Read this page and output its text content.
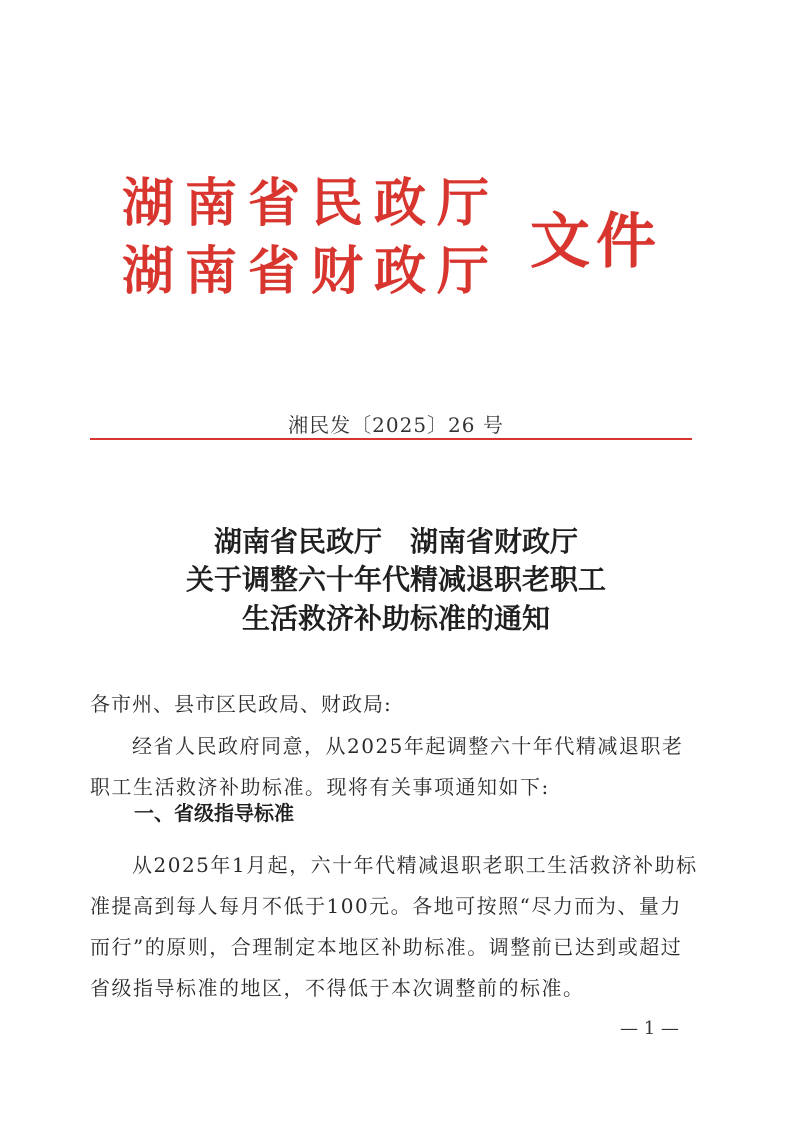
湖南省民政厅
湖南省财政厅 文件
湘民发〔2025〕26 号
湖南省民政厅　湖南省财政厅
关于调整六十年代精减退职老职工
生活救济补助标准的通知
各市州、县市区民政局、财政局:
经省人民政府同意，从2025年起调整六十年代精减退职老职工生活救济补助标准。现将有关事项通知如下:
一、省级指导标准
从2025年1月起，六十年代精减退职老职工生活救济补助标准提高到每人每月不低于100元。各地可按照“尽力而为、量力而行”的原则，合理制定本地区补助标准。调整前已达到或超过省级指导标准的地区，不得低于本次调整前的标准。
— 1 —
